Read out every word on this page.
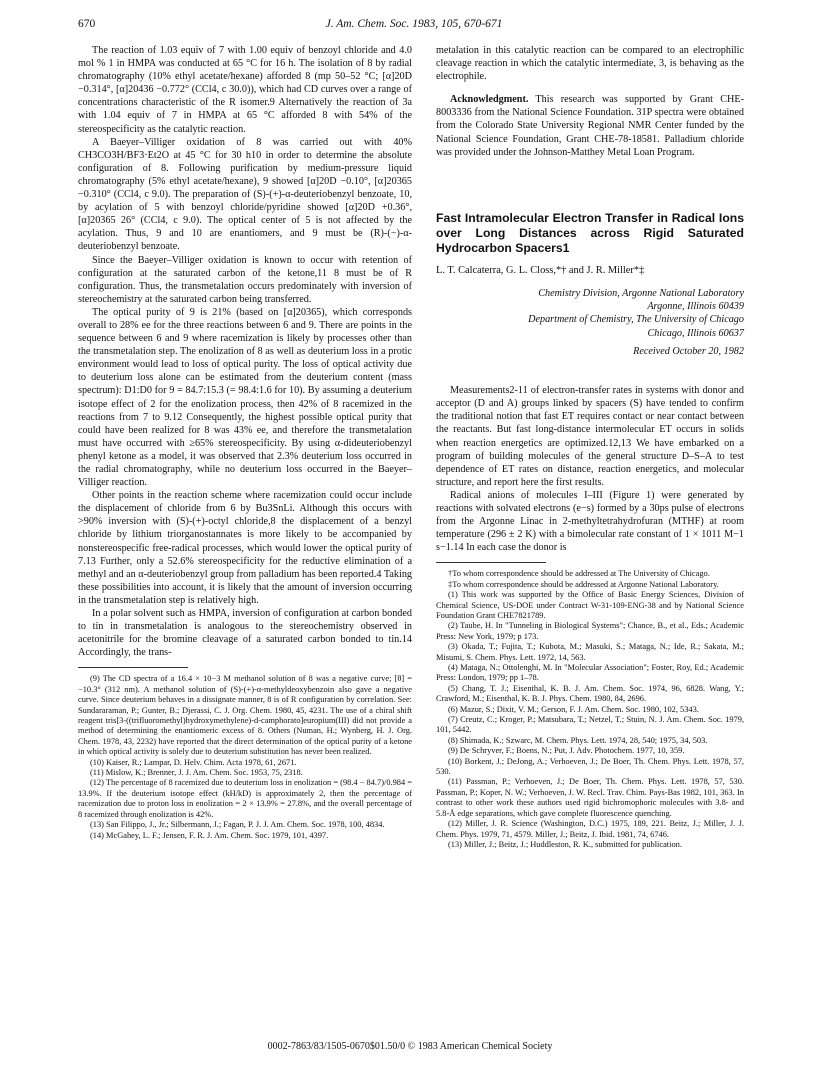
670	J. Am. Chem. Soc. 1983, 105, 670-671

The reaction of 1.03 equiv of 7 with 1.00 equiv of benzoyl chloride and 4.0 mol % 1 in HMPA was conducted at 65 °C for 16 h. The isolation of 8 by radial chromatography (10% ethyl acetate/hexane) afforded 8 (mp 50–52 °C; [α]20D −0.314°, [α]20436 −0.772° (CCl4, c 30.0)), which had CD curves over a range of concentrations characteristic of the R isomer.9 Alternatively the reaction of 3a with 1.04 equiv of 7 in HMPA at 65 °C afforded 8 with 54% of the stereospecificity as the catalytic reaction.

A Baeyer–Villiger oxidation of 8 was carried out with 40% CH3CO3H/BF3·Et2O at 45 °C for 30 h10 in order to determine the absolute configuration of 8. Following purification by medium-pressure liquid chromatography (5% ethyl acetate/hexane), 9 showed [α]20D −0.10°, [α]20365 −0.310° (CCl4, c 9.0). The preparation of (S)-(+)-α-deuteriobenzyl benzoate, 10, by acylation of 5 with benzoyl chloride/pyridine showed [α]20D +0.36°, [α]20365 26° (CCl4, c 9.0). The optical center of 5 is not affected by the acylation. Thus, 9 and 10 are enantiomers, and 9 must be (R)-(−)-α-deuteriobenzyl benzoate.

Since the Baeyer–Villiger oxidation is known to occur with retention of configuration at the saturated carbon of the ketone,11 8 must be of R configuration. Thus, the transmetalation occurs predominately with inversion of stereochemistry at the saturated carbon being transferred.

The optical purity of 9 is 21% (based on [α]20365), which corresponds overall to 28% ee for the three reactions between 6 and 9. There are points in the sequence between 6 and 9 where racemization is likely by processes other than the transmetalation step. The enolization of 8 as well as deuterium loss in a protic environment would lead to loss of optical purity. The loss of optical activity due to deuterium loss alone can be estimated from the deuterium content (mass spectrum): D1:D0 for 9 = 84.7:15.3 (= 98.4:1.6 for 10). By assuming a deuterium isotope effect of 2 for the enolization process, then 42% of 8 racemized in the reactions from 7 to 9.12 Consequently, the highest possible optical purity that could have been realized for 8 was 43% ee, and therefore the transmetalation must have occurred with ≥65% stereospecificity. By using α-dideuteriobenzyl phenyl ketone as a model, it was observed that 2.3% deuterium loss occurred in the radial chromatography, while no deuterium loss occurred in the Baeyer–Villiger reaction.

Other points in the reaction scheme where racemization could occur include the displacement of chloride from 6 by Bu3SnLi. Although this occurs with >90% inversion with (S)-(+)-octyl chloride,8 the displacement of a benzyl chloride by lithium triorganostannates is more likely to be accompanied by nonstereospecific free-radical processes, which would lower the optical purity of 7.13 Further, only a 52.6% stereospecificity for the reductive elimination of a methyl and an α-deuteriobenzyl group from palladium has been reported.4 Taking these possibilities into account, it is likely that the amount of inversion occurring in the transmetalation step is relatively high.

In a polar solvent such as HMPA, inversion of configuration at carbon bonded to tin in transmetalation is analogous to the stereochemistry observed in acetonitrile for the bromine cleavage of a saturated carbon bonded to tin.14 Accordingly, the trans-

(9) The CD spectra of a 16.4 × 10−3 M methanol solution of 8 was a negative curve; [θ] = −10.3° (312 nm). A methanol solution of (S)-(+)-α-methyldeoxybenzoin also gave a negative curve. Since deuterium behaves in a dissignate manner, 8 is of R configuration by correlation. See: Sundararaman, P.; Gunter, B.; Djerassi, C. J. Org. Chem. 1980, 45, 4231. The use of a chiral shift reagent tris[3-((trifluoromethyl)hydroxymethylene)-d-camphorato]europium(III) did not provide a method of determining the enantiomeric excess of 8. Others (Numan, H.; Wynberg, H. J. Org. Chem. 1978, 43, 2232) have reported that the direct determination of the optical purity of a ketone in which optical activity is solely due to deuterium substitution has never been realized.

(10) Kaiser, R.; Lampar, D. Helv. Chim. Acta 1978, 61, 2671.

(11) Mislow, K.; Brenner, J. J. Am. Chem. Soc. 1953, 75, 2318.

(12) The percentage of 8 racemized due to deuterium loss in enolization = (98.4 − 84.7)/0.984 = 13.9%. If the deuterium isotope effect (kH/kD) is approximately 2, then the percentage of racemization due to proton loss in enolization = 2 × 13.9% = 27.8%, and the overall percentage of 8 racemized through enolization is 42%.

(13) San Filippo, J., Jr.; Silbermann, J.; Fagan, P. J. J. Am. Chem. Soc. 1978, 100, 4834.

(14) McGahey, L. F.; Jensen, F. R. J. Am. Chem. Soc. 1979, 101, 4397.

metalation in this catalytic reaction can be compared to an electrophilic cleavage reaction in which the catalytic intermediate, 3, is behaving as the electrophile.

Acknowledgment. This research was supported by Grant CHE-8003336 from the National Science Foundation. 31P spectra were obtained from the Colorado State University Regional NMR Center funded by the National Science Foundation, Grant CHE-78-18581. Palladium chloride was provided under the Johnson-Matthey Metal Loan Program.

Fast Intramolecular Electron Transfer in Radical Ions over Long Distances across Rigid Saturated Hydrocarbon Spacers1
L. T. Calcaterra, G. L. Closs,*† and J. R. Miller*‡
Chemistry Division, Argonne National Laboratory
Argonne, Illinois 60439
Department of Chemistry, The University of Chicago
Chicago, Illinois 60637
Received October 20, 1982

Measurements2-11 of electron-transfer rates in systems with donor and acceptor (D and A) groups linked by spacers (S) have tended to confirm the traditional notion that fast ET requires contact or near contact between the reactants. But fast long-distance intermolecular ET occurs in solids when reaction energetics are optimized.12,13 We have embarked on a program of building molecules of the general structure D–S–A to test dependence of ET rates on distance, reaction energetics, and molecular structure, and report here the first results.

Radical anions of molecules I–III (Figure 1) were generated by reactions with solvated electrons (e−s) formed by a 30ps pulse of electrons from the Argonne Linac in 2-methyltetrahydrofuran (MTHF) at room temperature (296 ± 2 K) with a bimolecular rate constant of 1 × 1011 M−1 s−1.14 In each case the donor is

†To whom correspondence should be addressed at The University of Chicago.

‡To whom correspondence should be addressed at Argonne National Laboratory.

(1) This work was supported by the Office of Basic Energy Sciences, Division of Chemical Science, US-DOE under Contract W-31-109-ENG-38 and by National Science Foundation Grant CHE7821789.

(2) Taube, H. In "Tunneling in Biological Systems"; Chance, B., et al., Eds.; Academic Press: New York, 1979; p 173.

(3) Okada, T.; Fujita, T.; Kubota, M.; Masuki, S.; Mataga, N.; Ide, R.; Sakata, M.; Misumi, S. Chem. Phys. Lett. 1972, 14, 563.

(4) Mataga, N.; Ottolenghi, M. In "Molecular Association"; Foster, Roy, Ed.; Academic Press: London, 1979; pp 1–78.

(5) Chang, T. J.; Eisenthal, K. B. J. Am. Chem. Soc. 1974, 96, 6828. Wang, Y.; Crawford, M.; Eisenthal, K. B. J. Phys. Chem. 1980, 84, 2696.

(6) Mazur, S.; Dixit, V. M.; Gerson, F. J. Am. Chem. Soc. 1980, 102, 5343.

(7) Creutz, C.; Kroger, P.; Matsubara, T.; Netzel, T.; Stuin, N. J. Am. Chem. Soc. 1979, 101, 5442.

(8) Shimada, K.; Szwarc, M. Chem. Phys. Lett. 1974, 28, 540; 1975, 34, 503.

(9) De Schryver, F.; Boens, N.; Put, J. Adv. Photochem. 1977, 10, 359.

(10) Borkent, J.; DeJong, A.; Verhoeven, J.; De Boer, Th. Chem. Phys. Lett. 1978, 57, 530.

(11) Passman, P.; Verhoeven, J.; De Boer, Th. Chem. Phys. Lett. 1978, 57, 530. Passman, P.; Koper, N. W.; Verhoeven, J. W. Recl. Trav. Chim. Pays-Bas 1982, 101, 363. In contrast to other work these authors used rigid bichromophoric molecules with 3.8- and 5.8-Å edge separations, which gave complete fluorescence quenching.

(12) Miller, J. R. Science (Washington, D.C.) 1975, 189, 221. Beitz, J.; Miller, J. J. Chem. Phys. 1979, 71, 4579. Miller, J.; Beitz, J. Ibid. 1981, 74, 6746.

(13) Miller, J.; Beitz, J.; Huddleston, R. K., submitted for publication.

0002-7863/83/1505-0670$01.50/0 © 1983 American Chemical Society
